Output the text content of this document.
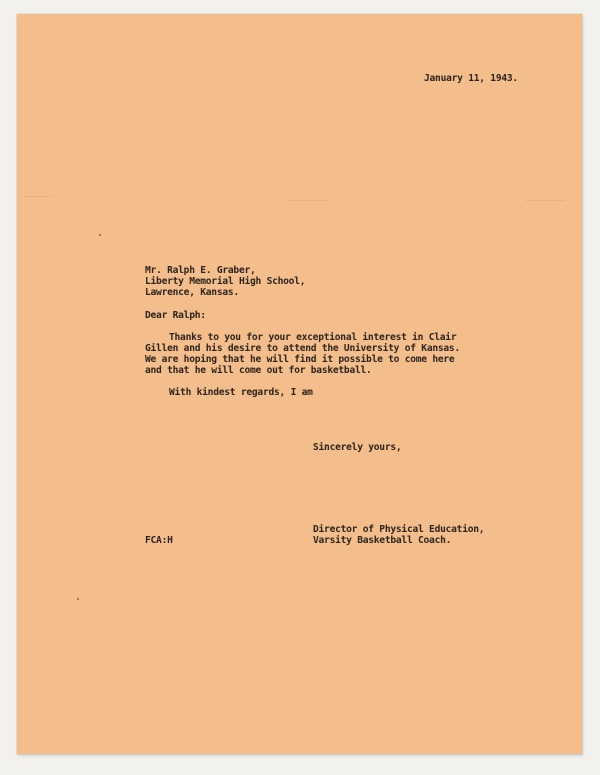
January 11, 1943.
Mr. Ralph E. Graber,
Liberty Memorial High School,
Lawrence, Kansas.
Dear Ralph:
Thanks to you for your exceptional interest in Clair
Gillen and his desire to attend the University of Kansas.
We are hoping that he will find it possible to come here
and that he will come out for basketball.
With kindest regards, I am
Sincerely yours,
FCA:H
Director of Physical Education,
Varsity Basketball Coach.
